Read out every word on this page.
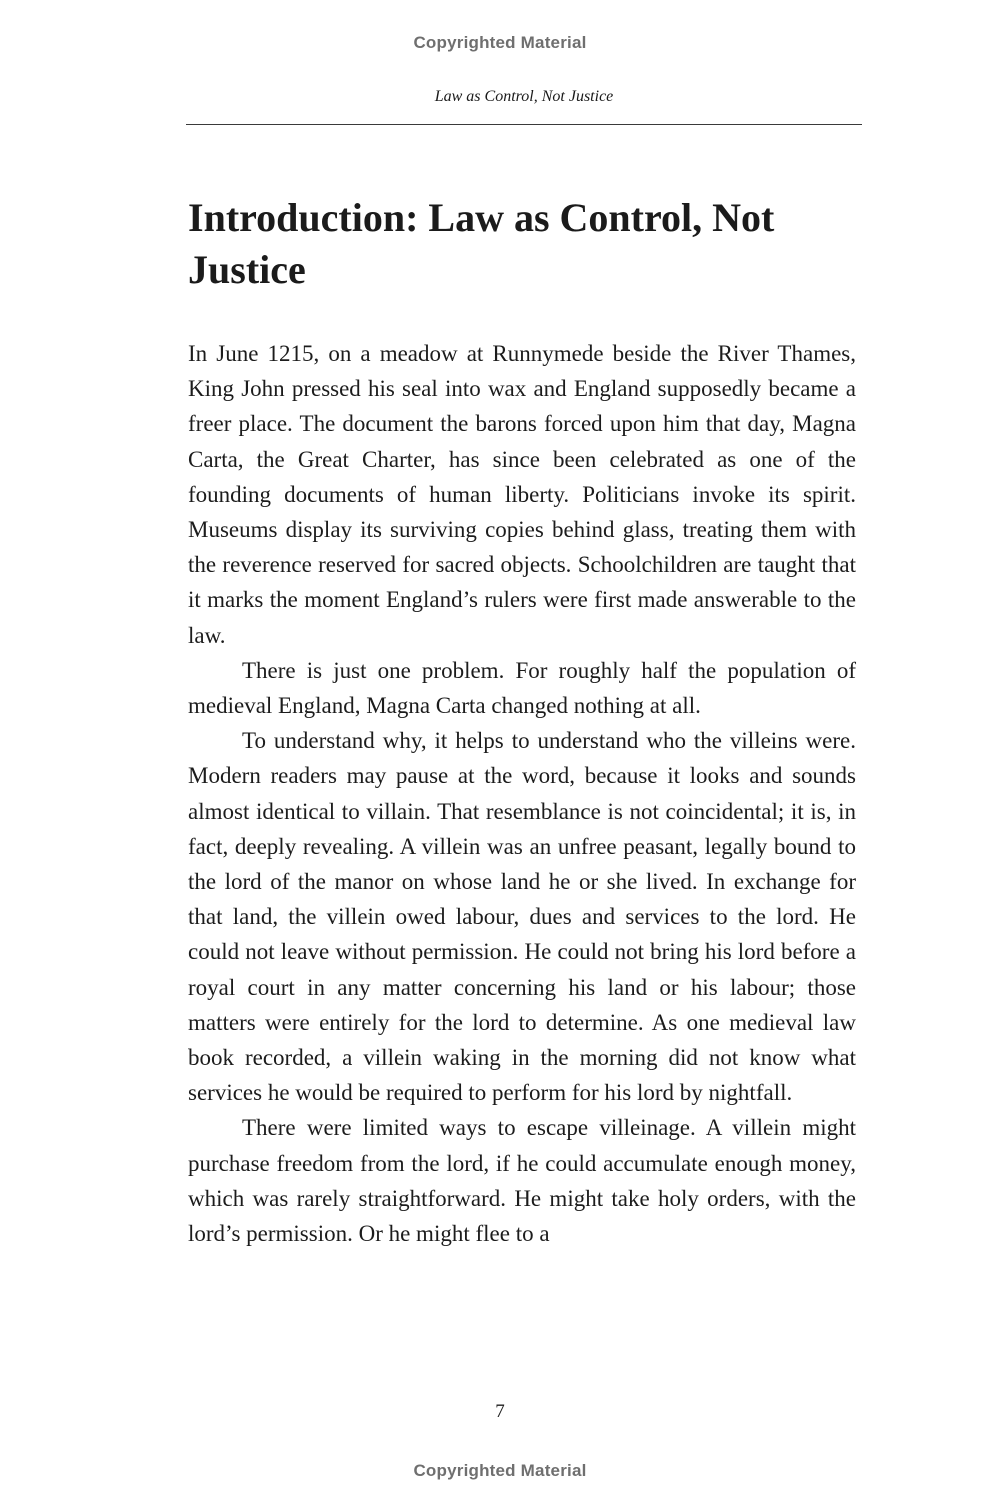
Copyrighted Material
Law as Control, Not Justice
Introduction: Law as Control, Not Justice

In June 1215, on a meadow at Runnymede beside the River Thames, King John pressed his seal into wax and England supposedly became a freer place. The document the barons forced upon him that day, Magna Carta, the Great Charter, has since been celebrated as one of the founding documents of human liberty. Politicians invoke its spirit. Museums display its surviving copies behind glass, treating them with the reverence reserved for sacred objects. Schoolchildren are taught that it marks the moment England’s rulers were first made answerable to the law.

There is just one problem. For roughly half the population of medieval England, Magna Carta changed nothing at all.

To understand why, it helps to understand who the villeins were. Modern readers may pause at the word, because it looks and sounds almost identical to villain. That resemblance is not coincidental; it is, in fact, deeply revealing. A villein was an unfree peasant, legally bound to the lord of the manor on whose land he or she lived. In exchange for that land, the villein owed labour, dues and services to the lord. He could not leave without permission. He could not bring his lord before a royal court in any matter concerning his land or his labour; those matters were entirely for the lord to determine. As one medieval law book recorded, a villein waking in the morning did not know what services he would be required to perform for his lord by nightfall.

There were limited ways to escape villeinage. A villein might purchase freedom from the lord, if he could accumulate enough money, which was rarely straightforward. He might take holy orders, with the lord’s permission. Or he might flee to a

7
Copyrighted Material
